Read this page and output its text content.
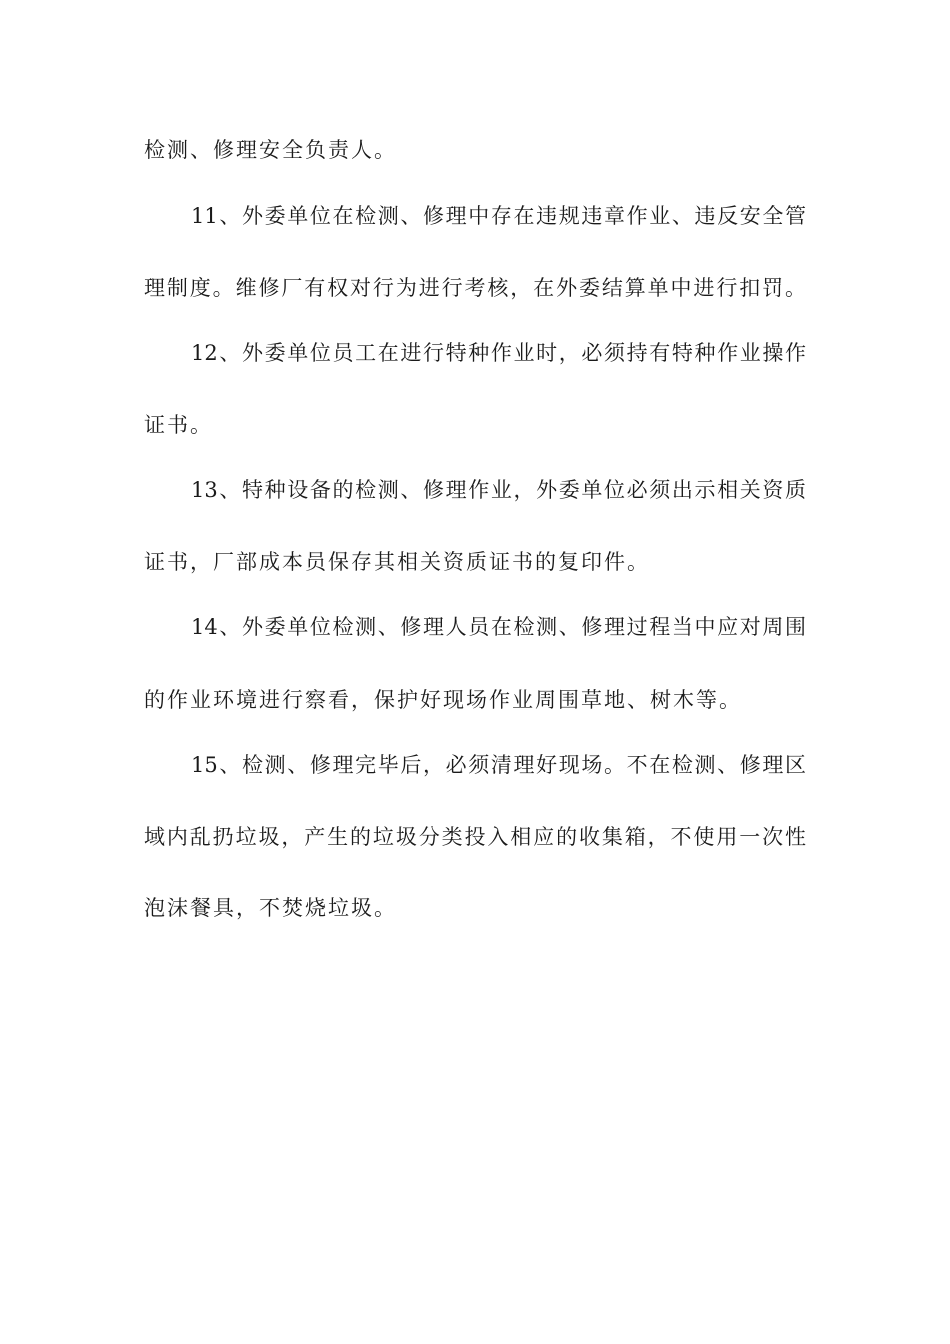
检测、修理安全负责人。
11、外委单位在检测、修理中存在违规违章作业、违反安全管
理制度。维修厂有权对行为进行考核，在外委结算单中进行扣罚。
12、外委单位员工在进行特种作业时，必须持有特种作业操作
证书。
13、特种设备的检测、修理作业，外委单位必须出示相关资质
证书，厂部成本员保存其相关资质证书的复印件。
14、外委单位检测、修理人员在检测、修理过程当中应对周围
的作业环境进行察看，保护好现场作业周围草地、树木等。
15、检测、修理完毕后，必须清理好现场。不在检测、修理区
域内乱扔垃圾，产生的垃圾分类投入相应的收集箱，不使用一次性
泡沫餐具，不焚烧垃圾。
